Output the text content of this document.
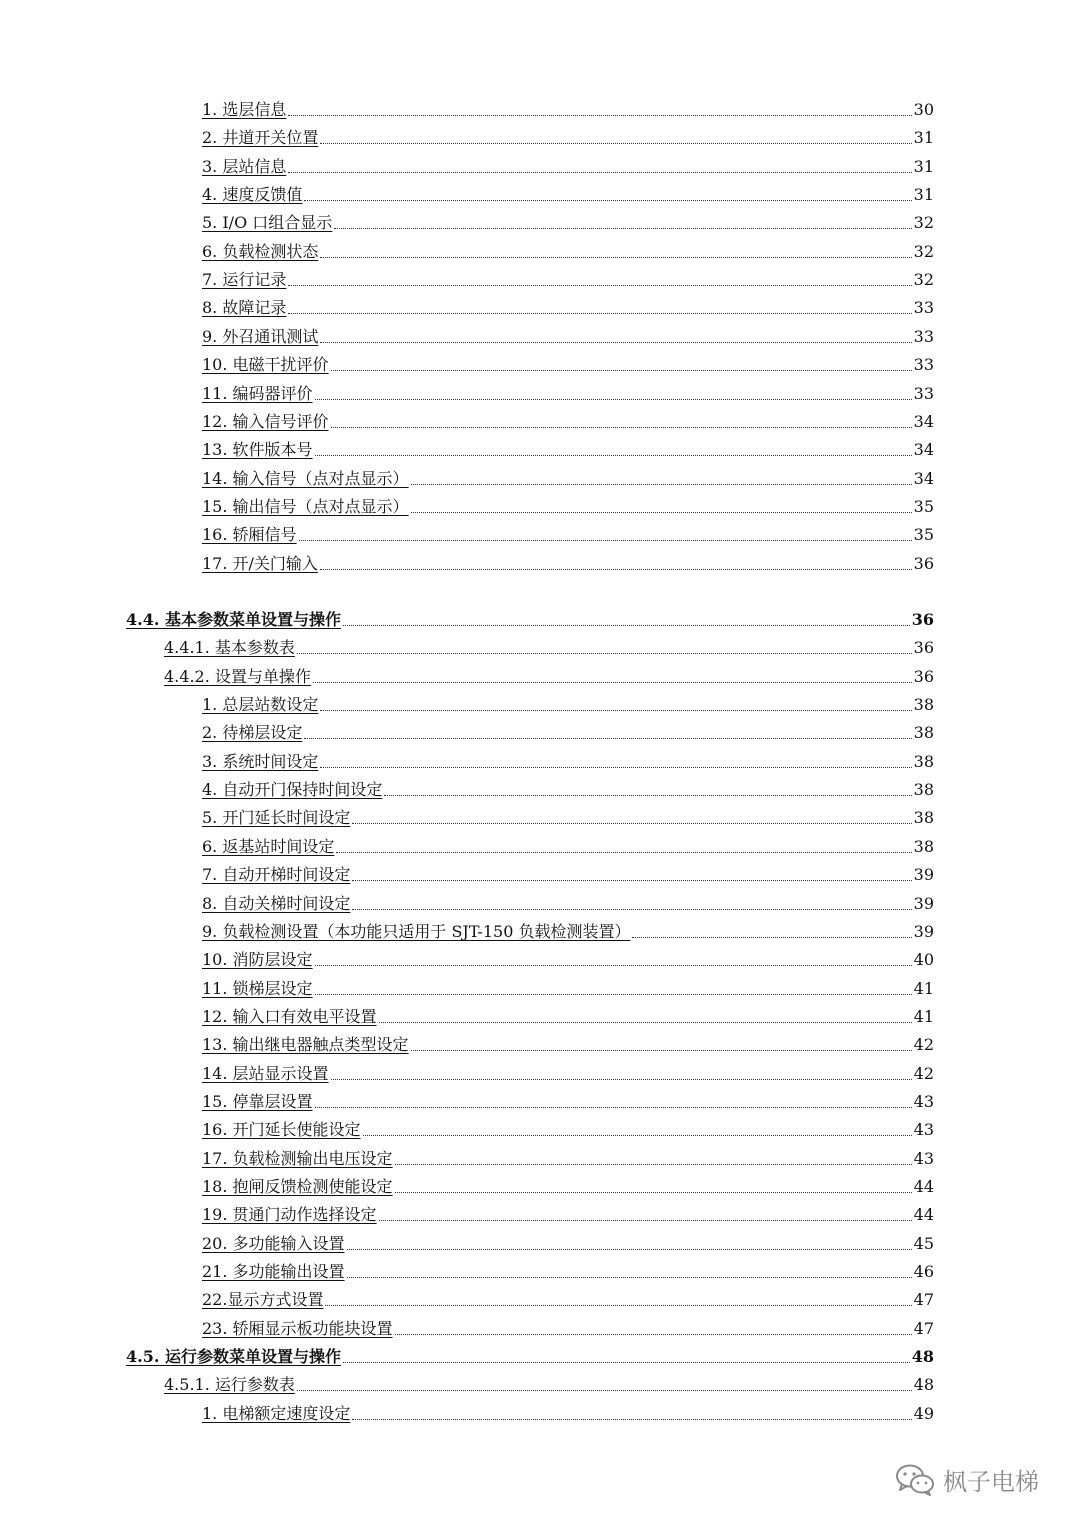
1. 选层信息	30
2. 井道开关位置	31
3. 层站信息	31
4. 速度反馈值	31
5. I/O 口组合显示	32
6. 负载检测状态	32
7. 运行记录	32
8. 故障记录	33
9. 外召通讯测试	33
10. 电磁干扰评价	33
11. 编码器评价	33
12. 输入信号评价	34
13. 软件版本号	34
14. 输入信号（点对点显示）	34
15. 输出信号（点对点显示）	35
16. 轿厢信号	35
17. 开/关门输入	36
4.4. 基本参数菜单设置与操作	36
4.4.1. 基本参数表	36
4.4.2. 设置与单操作	36
1. 总层站数设定	38
2. 待梯层设定	38
3. 系统时间设定	38
4. 自动开门保持时间设定	38
5. 开门延长时间设定	38
6. 返基站时间设定	38
7. 自动开梯时间设定	39
8. 自动关梯时间设定	39
9. 负载检测设置（本功能只适用于 SJT-150 负载检测装置）	39
10. 消防层设定	40
11. 锁梯层设定	41
12. 输入口有效电平设置	41
13. 输出继电器触点类型设定	42
14. 层站显示设置	42
15. 停靠层设置	43
16. 开门延长使能设定	43
17. 负载检测输出电压设定	43
18. 抱闸反馈检测使能设定	44
19. 贯通门动作选择设定	44
20. 多功能输入设置	45
21. 多功能输出设置	46
22.显示方式设置	47
23. 轿厢显示板功能块设置	47
4.5. 运行参数菜单设置与操作	48
4.5.1. 运行参数表	48
1. 电梯额定速度设定	49
枫子电梯
